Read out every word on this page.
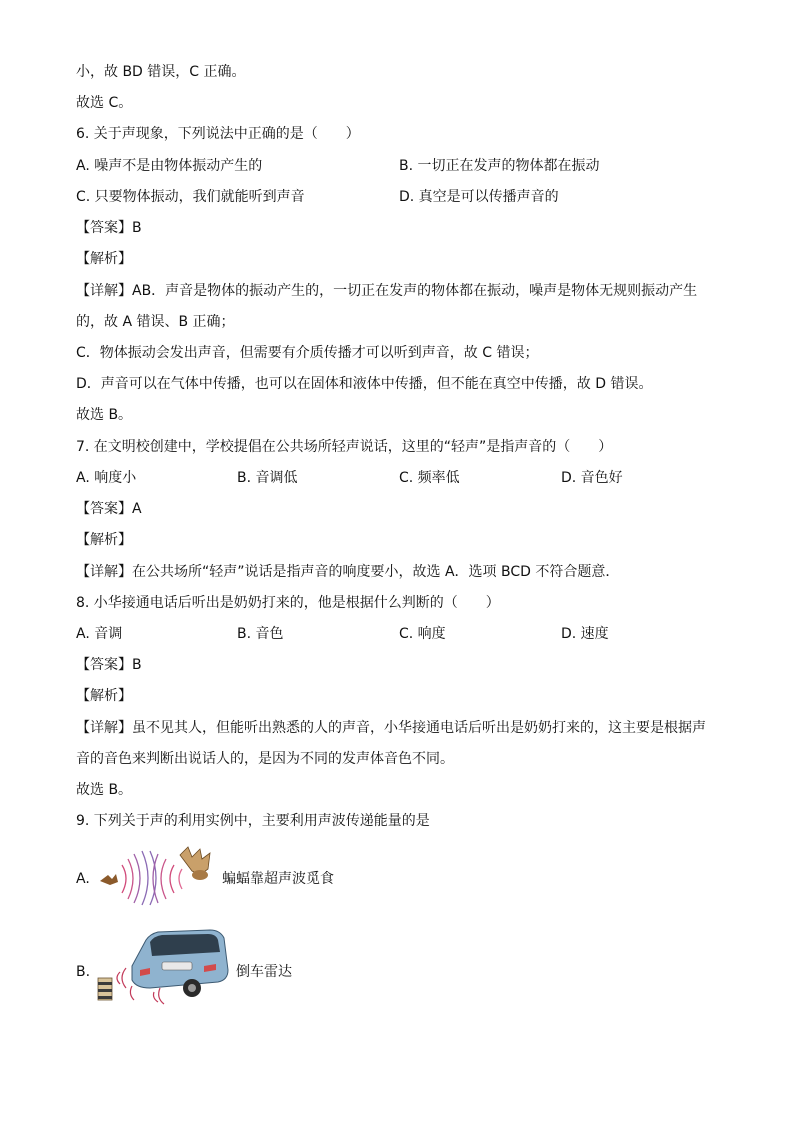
小，故 BD 错误，C 正确。
故选 C。
6. 关于声现象，下列说法中正确的是（　　）
A. 噪声不是由物体振动产生的	B. 一切正在发声的物体都在振动
C. 只要物体振动，我们就能听到声音	D. 真空是可以传播声音的
【答案】B
【解析】
【详解】AB．声音是物体的振动产生的，一切正在发声的物体都在振动，噪声是物体无规则振动产生
的，故 A 错误、B 正确；
C．物体振动会发出声音，但需要有介质传播才可以听到声音，故 C 错误；
D．声音可以在气体中传播，也可以在固体和液体中传播，但不能在真空中传播，故 D 错误。
故选 B。
7. 在文明校创建中，学校提倡在公共场所轻声说话，这里的“轻声”是指声音的（　　）
A. 响度小	B. 音调低	C. 频率低	D. 音色好
【答案】A
【解析】
【详解】在公共场所“轻声”说话是指声音的响度要小，故选 A．选项 BCD 不符合题意．
8. 小华接通电话后听出是奶奶打来的，他是根据什么判断的（　　）
A. 音调	B. 音色	C. 响度	D. 速度
【答案】B
【解析】
【详解】虽不见其人，但能听出熟悉的人的声音，小华接通电话后听出是奶奶打来的，这主要是根据声
音的音色来判断出说话人的，是因为不同的发声体音色不同。
故选 B。
9. 下列关于声的利用实例中，主要利用声波传递能量的是
A.	蝙蝠靠超声波觅食
B.	倒车雷达
